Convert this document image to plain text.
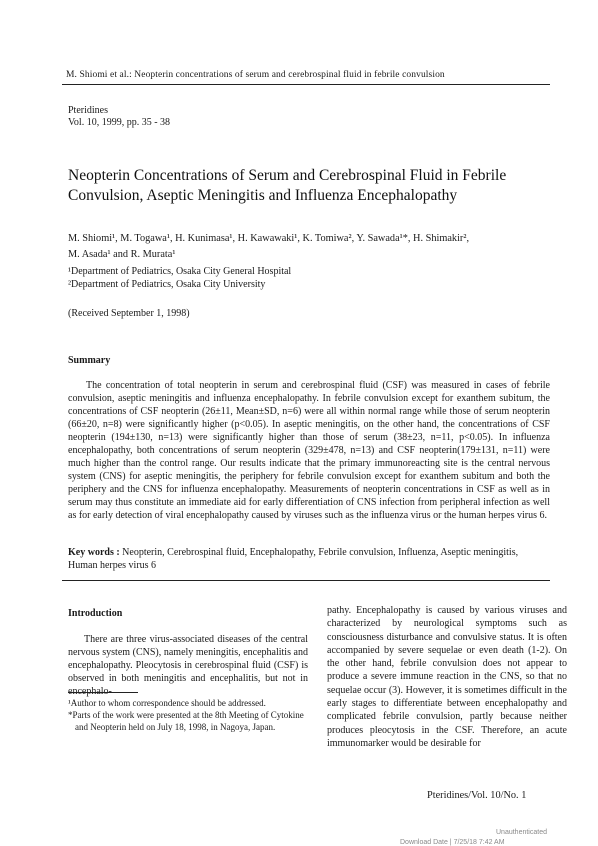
M. Shiomi et al.: Neopterin concentrations of serum and cerebrospinal fluid in febrile convulsion
Pteridines
Vol. 10, 1999, pp. 35 - 38
Neopterin Concentrations of Serum and Cerebrospinal Fluid in Febrile Convulsion, Aseptic Meningitis and Influenza Encephalopathy
M. Shiomi¹, M. Togawa¹, H. Kunimasa¹, H. Kawawaki¹, K. Tomiwa², Y. Sawada¹*, H. Shimakir²,
M. Asada¹ and R. Murata¹
¹Department of Pediatrics, Osaka City General Hospital
²Department of Pediatrics, Osaka City University
(Received September 1, 1998)
Summary
The concentration of total neopterin in serum and cerebrospinal fluid (CSF) was measured in cases of febrile convulsion, aseptic meningitis and influenza encephalopathy. In febrile convulsion except for exanthem subitum, the concentrations of CSF neopterin (26±11, Mean±SD, n=6) were all within normal range while those of serum neopterin (66±20, n=8) were significantly higher (p<0.05). In aseptic meningitis, on the other hand, the concentrations of CSF neopterin (194±130, n=13) were significantly higher than those of serum (38±23, n=11, p<0.05). In influenza encephalopathy, both concentrations of serum neopterin (329±478, n=13) and CSF neopterin(179±131, n=11) were much higher than the control range. Our results indicate that the primary immunoreacting site is the central nervous system (CNS) for aseptic meningitis, the periphery for febrile convulsion except for exanthem subitum and both the periphery and the CNS for influenza encephalopathy. Measurements of neopterin concentrations in CSF as well as in serum may thus constitute an immediate aid for early differentiation of CNS infection from peripheral infection as well as for early detection of viral encephalopathy caused by viruses such as the influenza virus or the human herpes virus 6.
Key words : Neopterin, Cerebrospinal fluid, Encephalopathy, Febrile convulsion, Influenza, Aseptic meningitis, Human herpes virus 6
Introduction

There are three virus-associated diseases of the central nervous system (CNS), namely meningitis, encephalitis and encephalopathy. Pleocytosis in cerebrospinal fluid (CSF) is observed in both meningitis and encephalitis, but not in

¹Author to whom correspondence should be addressed.
*Parts of the work were presented at the 8th Meeting of Cytokine and Neopterin held on July 18, 1998, in Nagoya, Japan.
pathy. Encephalopathy is caused by various viruses and characterized by neurological symptoms such as consciousness disturbance and convulsive status. It is often accompanied by severe sequelae or even death (1-2). On the other hand, febrile convulsion does not appear to produce a severe immune reaction in the CNS, so that no sequelae occur (3). However, it is sometimes difficult in the early stages to differentiate between encephalopathy and complicated febrile convulsion, partly because neither produces pleocytosis in the CSF. Therefore, an acute immunomarker would be desirable for
Pteridines/Vol. 10/No. 1
Unauthenticated
Download Date | 7/25/18 7:42 AM
